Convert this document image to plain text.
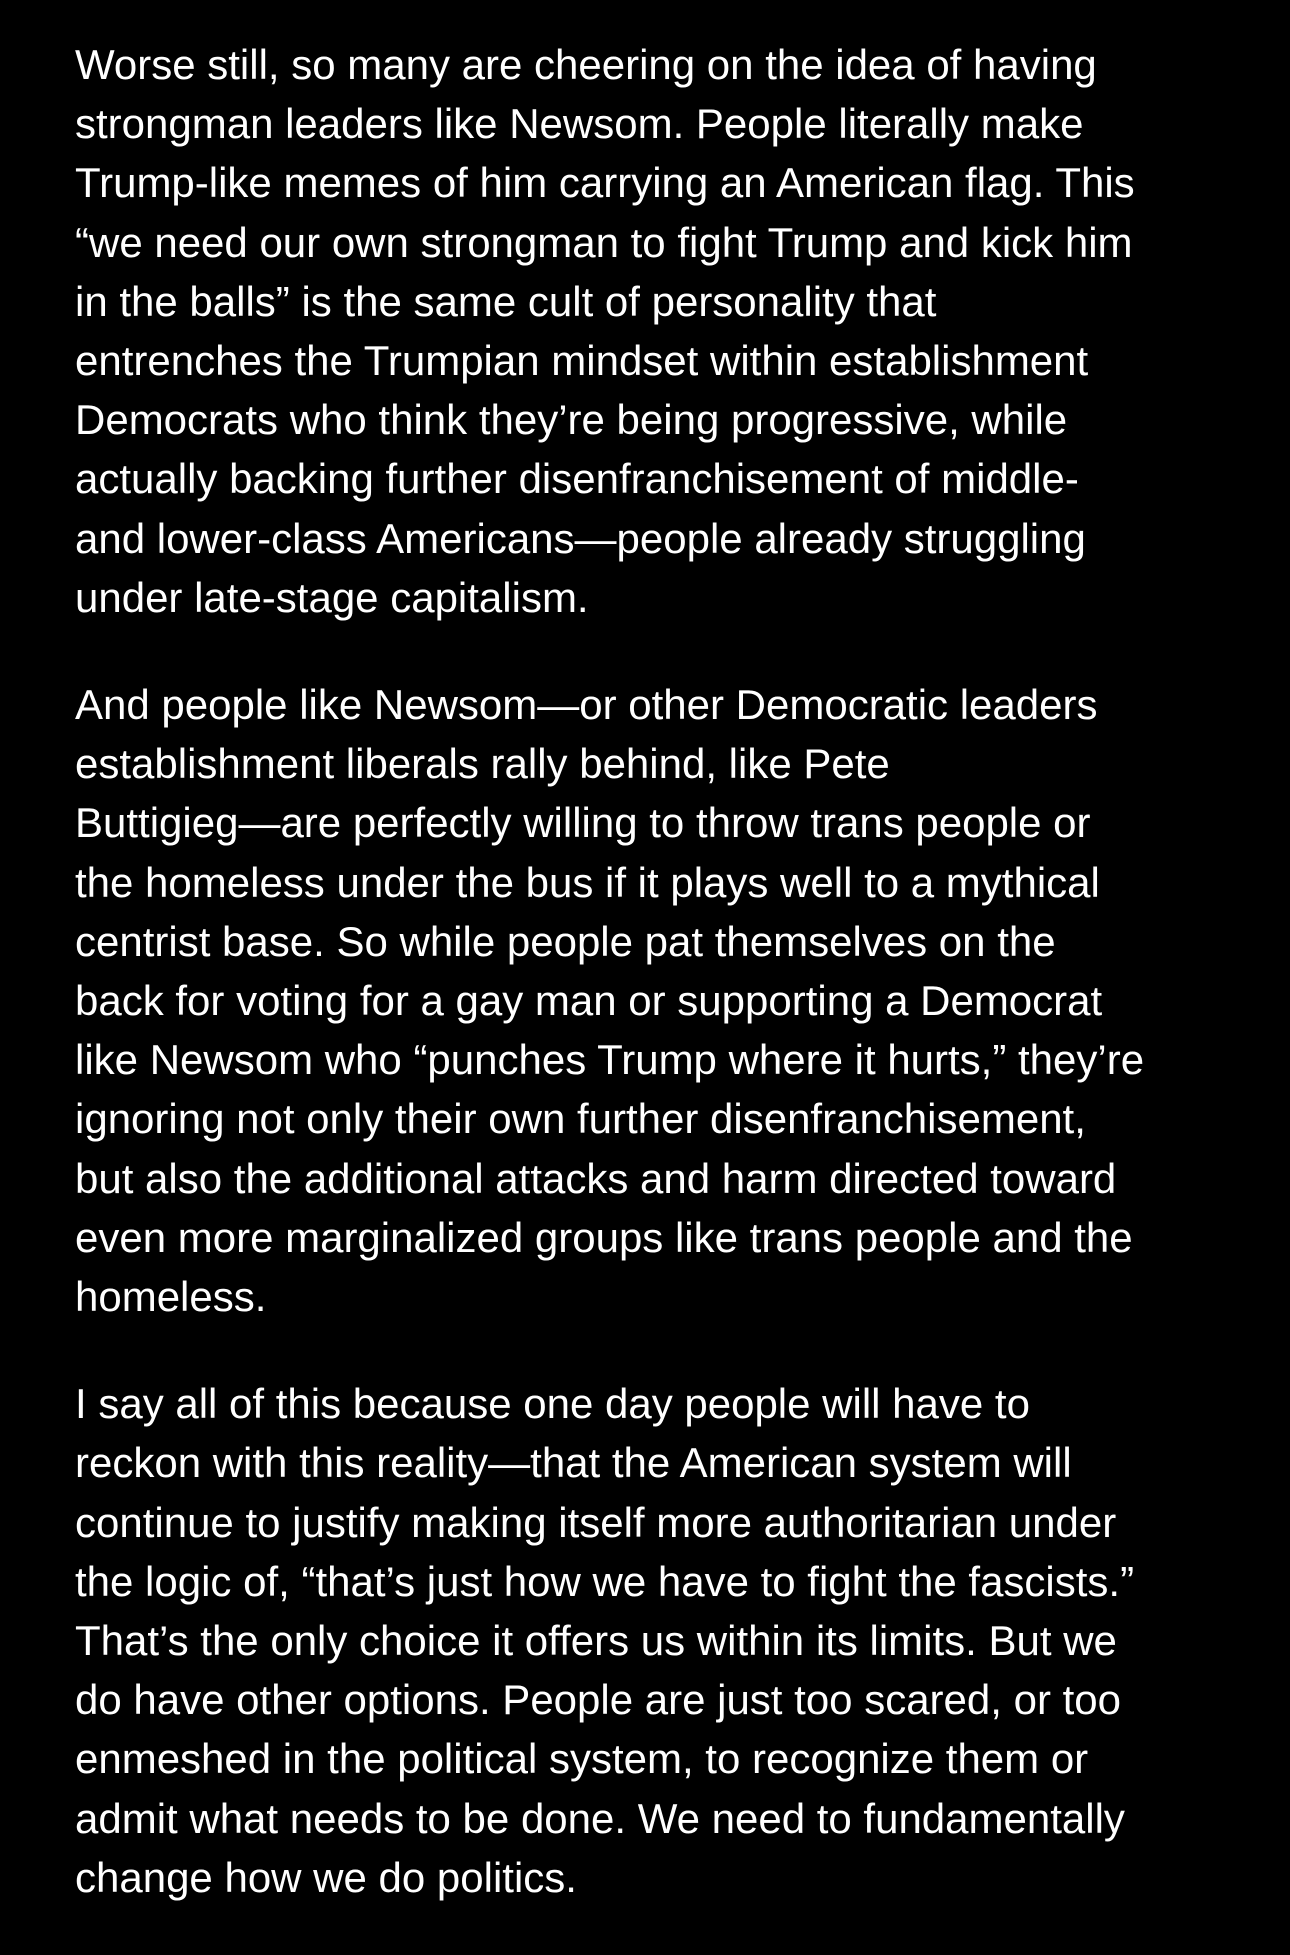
Worse still, so many are cheering on the idea of having
strongman leaders like Newsom. People literally make
Trump-like memes of him carrying an American flag. This
“we need our own strongman to fight Trump and kick him
in the balls” is the same cult of personality that
entrenches the Trumpian mindset within establishment
Democrats who think they’re being progressive, while
actually backing further disenfranchisement of middle-
and lower-class Americans—people already struggling
under late-stage capitalism.

And people like Newsom—or other Democratic leaders
establishment liberals rally behind, like Pete
Buttigieg—are perfectly willing to throw trans people or
the homeless under the bus if it plays well to a mythical
centrist base. So while people pat themselves on the
back for voting for a gay man or supporting a Democrat
like Newsom who “punches Trump where it hurts,” they’re
ignoring not only their own further disenfranchisement,
but also the additional attacks and harm directed toward
even more marginalized groups like trans people and the
homeless.

I say all of this because one day people will have to
reckon with this reality—that the American system will
continue to justify making itself more authoritarian under
the logic of, “that’s just how we have to fight the fascists.”
That’s the only choice it offers us within its limits. But we
do have other options. People are just too scared, or too
enmeshed in the political system, to recognize them or
admit what needs to be done. We need to fundamentally
change how we do politics.
